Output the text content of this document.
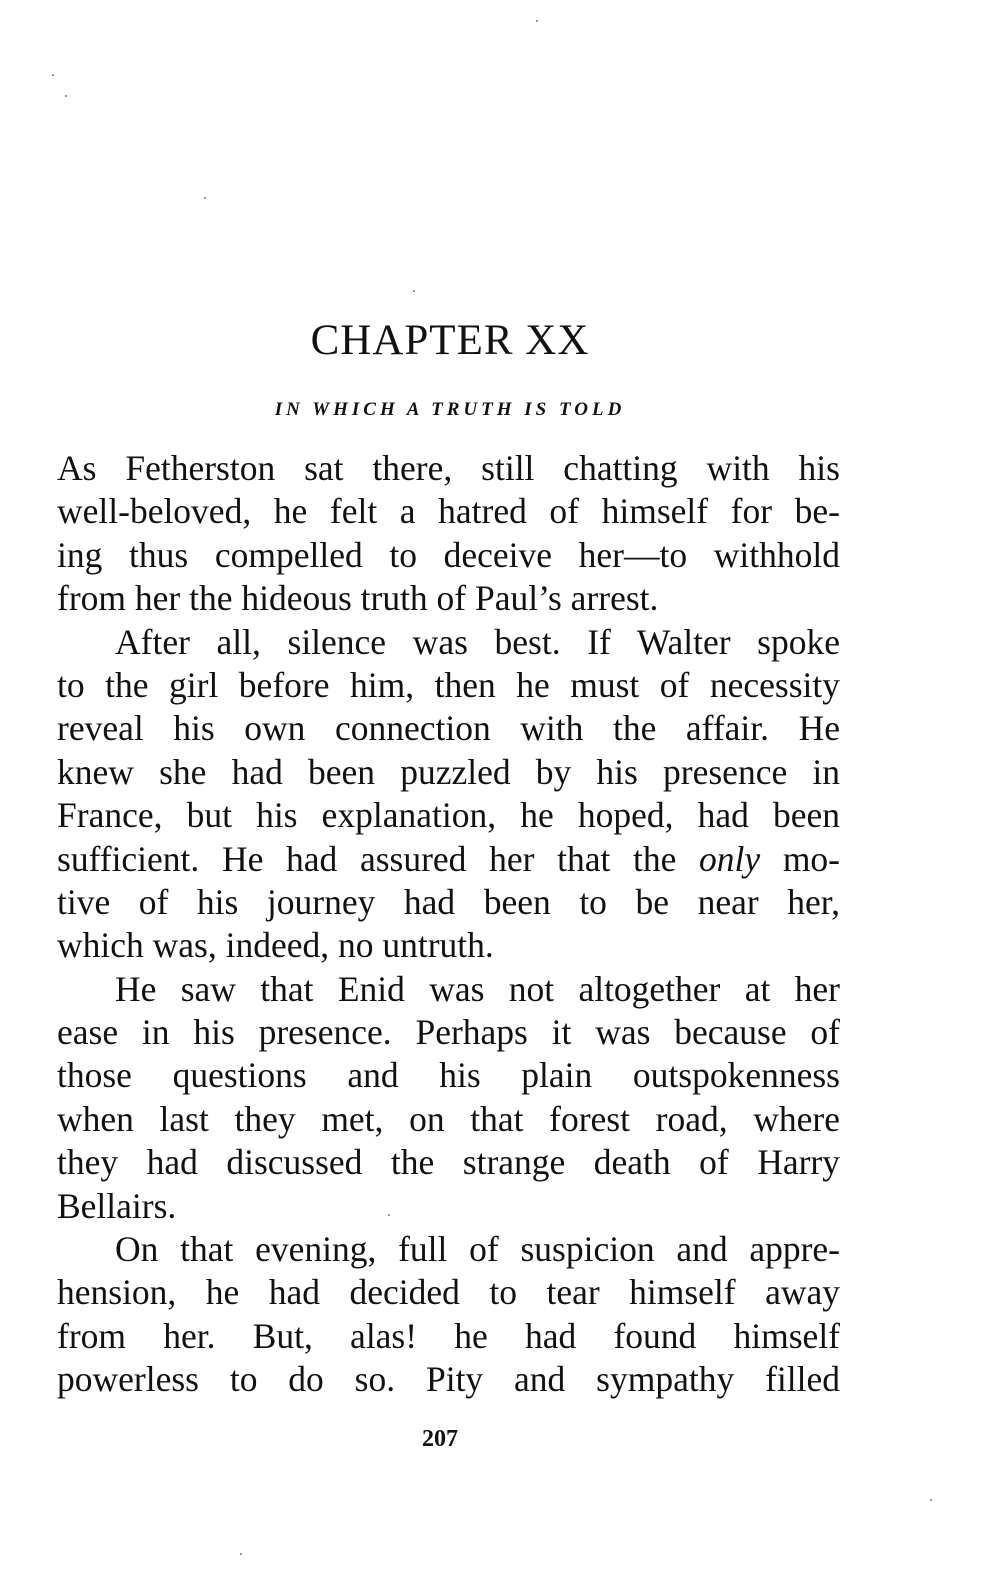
CHAPTER XX
IN WHICH A TRUTH IS TOLD

As Fetherston sat there, still chatting with his
well-beloved, he felt a hatred of himself for be-
ing thus compelled to deceive her—to withhold
from her the hideous truth of Paul’s arrest.

After all, silence was best. If Walter spoke
to the girl before him, then he must of necessity
reveal his own connection with the affair. He
knew she had been puzzled by his presence in
France, but his explanation, he hoped, had been
sufficient. He had assured her that the only mo-
tive of his journey had been to be near her,
which was, indeed, no untruth.

He saw that Enid was not altogether at her
ease in his presence. Perhaps it was because of
those questions and his plain outspokenness
when last they met, on that forest road, where
they had discussed the strange death of Harry
Bellairs.

On that evening, full of suspicion and appre-
hension, he had decided to tear himself away
from her. But, alas! he had found himself
powerless to do so. Pity and sympathy filled

207
